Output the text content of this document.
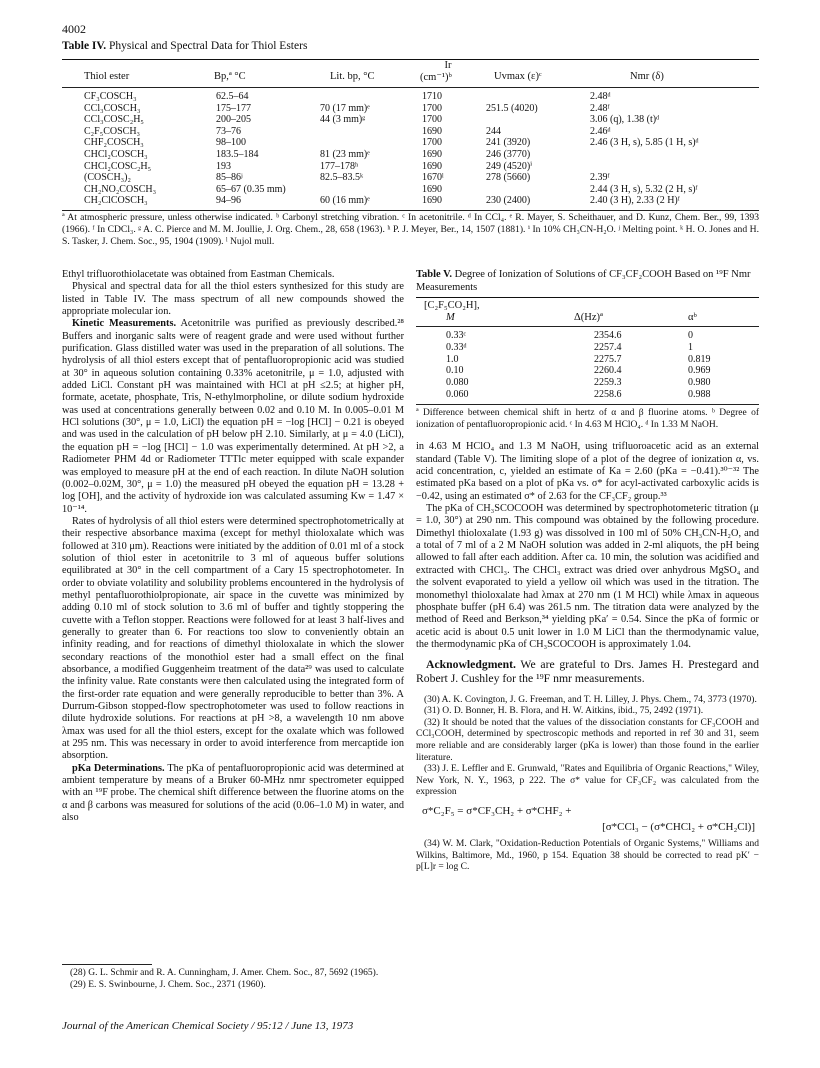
4002
Table IV. Physical and Spectral Data for Thiol Esters
Thiol ester	Bp,ª °C	Lit. bp, °C
Ir
(cm⁻¹)ᵇ	Uvmax (ε)ᶜ	Nmr (δ)
CF₃COSCH₃	62.5–64		1710		2.48ᵈ
CCl₃COSCH₃	175–177	70 (17 mm)ᵉ	1700	251.5 (4020)	2.48ᶠ
CCl₃COSC₂H₅	200–205	44 (3 mm)ᵍ	1700		3.06 (q), 1.38 (t)ᵈ
C₂F₅COSCH₃	73–76		1690	244	2.46ᵈ
CHF₂COSCH₃	98–100		1700	241 (3920)	2.46 (3 H, s), 5.85 (1 H, s)ᵈ
CHCl₂COSCH₃	183.5–184	81 (23 mm)ᵉ	1690	246 (3770)	
CHCl₂COSC₂H₅	193	177–178ʰ	1690	249 (4520)ⁱ	
(COSCH₃)₂	85–86ʲ	82.5–83.5ᵏ	1670ˡ	278 (5660)	2.39ᶠ
CH₂NO₂COSCH₃	65–67 (0.35 mm)		1690		2.44 (3 H, s), 5.32 (2 H, s)ᶠ
CH₂ClCOSCH₃	94–96	60 (16 mm)ᵉ	1690	230 (2400)	2.40 (3 H), 2.33 (2 H)ᶠ
ª At atmospheric pressure, unless otherwise indicated. ᵇ Carbonyl stretching vibration. ᶜ In acetonitrile. ᵈ In CCl₄. ᵉ R. Mayer, S. Scheithauer, and D. Kunz, Chem. Ber., 99, 1393 (1966). ᶠ In CDCl₃. ᵍ A. C. Pierce and M. M. Joullie, J. Org. Chem., 28, 658 (1963). ʰ P. J. Meyer, Ber., 14, 1507 (1881). ⁱ In 10% CH₃CN-H₂O. ʲ Melting point. ᵏ H. O. Jones and H. S. Tasker, J. Chem. Soc., 95, 1904 (1909). ˡ Nujol mull.

Ethyl trifluorothiolacetate was obtained from Eastman Chemicals.

Physical and spectral data for all the thiol esters synthesized for this study are listed in Table IV. The mass spectrum of all new compounds showed the appropriate molecular ion.

Kinetic Measurements. Acetonitrile was purified as previously described.²⁸ Buffers and inorganic salts were of reagent grade and were used without further purification. Glass distilled water was used in the preparation of all solutions. The hydrolysis of all thiol esters except that of pentafluoropropionic acid was studied at 30° in aqueous solution containing 0.33% acetonitrile, μ = 1.0, adjusted with added LiCl. Constant pH was maintained with HCl at pH ≤2.5; at higher pH, formate, acetate, phosphate, Tris, N-ethylmorpholine, or dilute sodium hydroxide was used at concentrations generally between 0.02 and 0.10 M. In 0.005–0.01 M HCl solutions (30°, μ = 1.0, LiCl) the equation pH = −log [HCl] − 0.21 is obeyed and was used in the calculation of pH below pH 2.10. Similarly, at μ = 4.0 (LiCl), the equation pH = −log [HCl] − 1.0 was experimentally determined. At pH >2, a Radiometer PHM 4d or Radiometer TTTlc meter equipped with scale expander was employed to measure pH at the end of each reaction. In dilute NaOH solution (0.002–0.02M, 30°, μ = 1.0) the measured pH obeyed the equation pH = 13.28 + log [OH], and the activity of hydroxide ion was calculated assuming Kw = 1.47 × 10⁻¹⁴.

Rates of hydrolysis of all thiol esters were determined spectrophotometrically at their respective absorbance maxima (except for methyl thioloxalate which was followed at 310 μm). Reactions were initiated by the addition of 0.01 ml of a stock solution of thiol ester in acetonitrile to 3 ml of aqueous buffer solutions equilibrated at 30° in the cell compartment of a Cary 15 spectrophotometer. In order to obviate volatility and solubility problems encountered in the hydrolysis of methyl pentafluorothiolpropionate, air space in the cuvette was minimized by adding 0.10 ml of stock solution to 3.6 ml of buffer and tightly stoppering the cuvette with a Teflon stopper. Reactions were followed for at least 3 half-lives and generally to greater than 6. For reactions too slow to conveniently obtain an infinity reading, and for reactions of dimethyl thioloxalate in which the slower secondary reactions of the monothiol ester had a small effect on the final absorbance, a modified Guggenheim treatment of the data²⁹ was used to calculate the infinity value. Rate constants were then calculated using the integrated form of the first-order rate equation and were generally reproducible to better than 3%. A Durrum-Gibson stopped-flow spectrophotometer was used to follow reactions in dilute hydroxide solutions. For reactions at pH >8, a wavelength 10 nm above λmax was used for all the thiol esters, except for the oxalate which was followed at 295 nm. This was necessary in order to avoid interference from mercaptide ion absorption.

pKa Determinations. The pKa of pentafluoropropionic acid was determined at ambient temperature by means of a Bruker 60-MHz nmr spectrometer equipped with an ¹⁹F probe. The chemical shift difference between the fluorine atoms on the α and β carbons was measured for solutions of the acid (0.06–1.0 M) in water, and also

(28) G. L. Schmir and R. A. Cunningham, J. Amer. Chem. Soc., 87, 5692 (1965).

(29) E. S. Swinbourne, J. Chem. Soc., 2371 (1960).

Table V. Degree of Ionization of Solutions of CF₃CF₂COOH Based on ¹⁹F Nmr Measurements
[C₂F₅CO₂H],
M	Δ(Hz)ª	αᵇ
0.33ᶜ	2354.6	0
0.33ᵈ	2257.4	1
1.0	2275.7	0.819
0.10	2260.4	0.969
0.080	2259.3	0.980
0.060	2258.6	0.988
ª Difference between chemical shift in hertz of α and β fluorine atoms. ᵇ Degree of ionization of pentafluoropropionic acid. ᶜ In 4.63 M HClO₄. ᵈ In 1.33 M NaOH.

in 4.63 M HClO₄ and 1.3 M NaOH, using trifluoroacetic acid as an external standard (Table V). The limiting slope of a plot of the degree of ionization α, vs. acid concentration, c, yielded an estimate of Ka = 2.60 (pKa = −0.41).³⁰⁻³² The estimated pKa based on a plot of pKa vs. σ* for acyl-activated carboxylic acids is −0.42, using an estimated σ* of 2.63 for the CF₃CF₂ group.³³

The pKa of CH₃SCOCOOH was determined by spectrophotometeric titration (μ = 1.0, 30°) at 290 nm. This compound was obtained by the following procedure. Dimethyl thioloxalate (1.93 g) was dissolved in 100 ml of 50% CH₃CN-H₂O, and a total of 7 ml of a 2 M NaOH solution was added in 2-ml aliquots, the pH being allowed to fall after each addition. After ca. 10 min, the solution was acidified and extracted with CHCl₃. The CHCl₃ extract was dried over anhydrous MgSO₄ and the solvent evaporated to yield a yellow oil which was used in the titration. The monomethyl thioloxalate had λmax at 270 nm (1 M HCl) while λmax in aqueous phosphate buffer (pH 6.4) was 261.5 nm. The titration data were analyzed by the method of Reed and Berkson,³⁴ yielding pKa′ = 0.54. Since the pKa of formic or acetic acid is about 0.5 unit lower in 1.0 M LiCl than the thermodynamic value, the thermodynamic pKa of CH₃SCOCOOH is approximately 1.04.

Acknowledgment. We are grateful to Drs. James H. Prestegard and Robert J. Cushley for the ¹⁹F nmr measurements.

(30) A. K. Covington, J. G. Freeman, and T. H. Lilley, J. Phys. Chem., 74, 3773 (1970).

(31) O. D. Bonner, H. B. Flora, and H. W. Aitkins, ibid., 75, 2492 (1971).

(32) It should be noted that the values of the dissociation constants for CF₃COOH and CCl₃COOH, determined by spectroscopic methods and reported in ref 30 and 31, seem more reliable and are considerably larger (pKa is lower) than those found in the earlier literature.

(33) J. E. Leffler and E. Grunwald, "Rates and Equilibria of Organic Reactions," Wiley, New York, N. Y., 1963, p 222. The σ* value for CF₃CF₂ was calculated from the expression

σ*C₂F₅ = σ*CF₃CH₂ + σ*CHF₂ +
[σ*CCl₃ − (σ*CHCl₂ + σ*CH₂Cl)]

(34) W. M. Clark, "Oxidation-Reduction Potentials of Organic Systems," Williams and Wilkins, Baltimore, Md., 1960, p 154. Equation 38 should be corrected to read pK′ − p[L]r = log C.

Journal of the American Chemical Society / 95:12 / June 13, 1973
